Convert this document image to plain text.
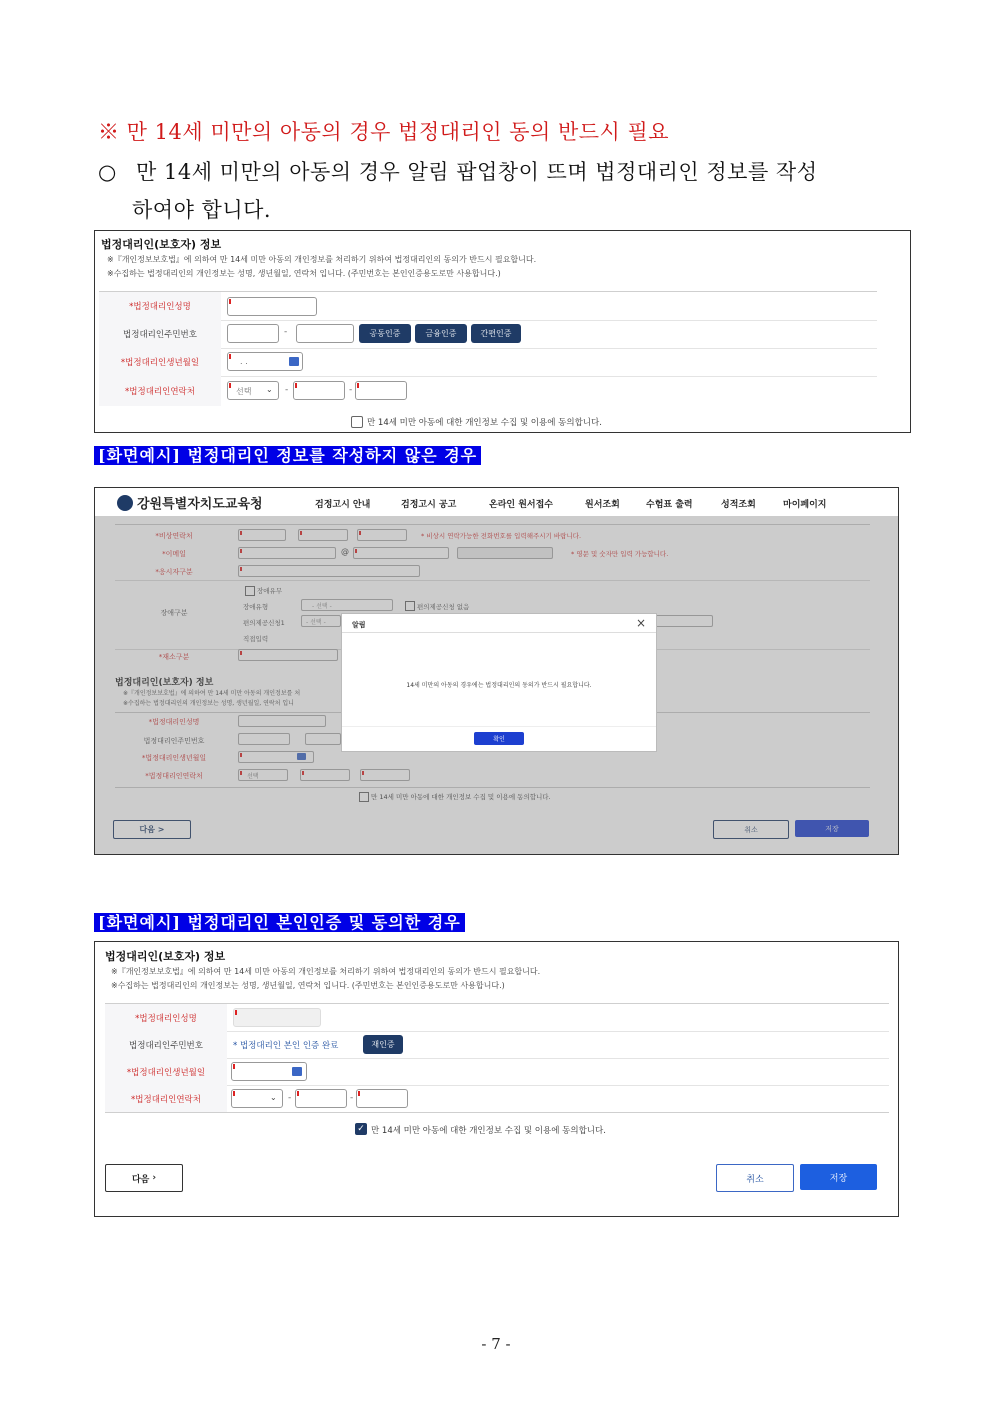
※ 만 14세 미만의 아동의 경우 법정대리인 동의 반드시 필요
○ 만 14세 미만의 아동의 경우 알림 팝업창이 뜨며 법정대리인 정보를 작성
하여야 합니다.
법정대리인(보호자) 정보
※『개인정보보호법』에 의하여 만 14세 미만 아동의 개인정보를 처리하기 위하여 법정대리인의 동의가 반드시 필요합니다.
※수집하는 법정대리인의 개인정보는 성명, 생년월일, 연락처 입니다. (주민번호는 본인인증용도로만 사용합니다.)
*법정대리인성명
법정대리인주민번호	-	공동인증	금융인증	간편인증
*법정대리인생년월일	. .
*법정대리인연락처	선택 ⌄ -	-
만 14세 미만 아동에 대한 개인정보 수집 및 이용에 동의합니다.
[화면예시] 법정대리인 정보를 작성하지 않은 경우
강원특별자치도교육청	검정고시 안내	검정고시 공고	온라인 원서접수	원서조회	수험표 출력	성적조회	마이페이지
*비상연락처	* 비상시 연락가능한 전화번호를 입력해주시기 바랍니다.
*이메일	@	* 영문 및 숫자만 입력 가능합니다.
*응시자구분
장애구분
장애유무
장애유형	- 선택 -	편의제공신청 없음
편의제공신청1	- 선택 -
직접입력
*재소구분
법정대리인(보호자) 정보
※『개인정보보호법』에 의하여 만 14세 미만 아동의 개인정보를 처
※수집하는 법정대리인의 개인정보는 성명, 생년월일, 연락처 입니
*법정대리인성명
법정대리인주민번호
*법정대리인생년월일
*법정대리인연락처	선택
만 14세 미만 아동에 대한 개인정보 수집 및 이용에 동의합니다.
다음 >	취소	저장
알림	×
14세 미만의 아동의 경우에는 법정대리인의 동의가 반드시 필요합니다.
확인
[화면예시] 법정대리인 본인인증 및 동의한 경우
법정대리인(보호자) 정보
※『개인정보보호법』에 의하여 만 14세 미만 아동의 개인정보를 처리하기 위하여 법정대리인의 동의가 반드시 필요합니다.
※수집하는 법정대리인의 개인정보는 성명, 생년월일, 연락처 입니다. (주민번호는 본인인증용도로만 사용합니다.)
*법정대리인성명
법정대리인주민번호	* 법정대리인 본인 인증 완료	재인증
*법정대리인생년월일
*법정대리인연락처	⌄ -	-
✓ 만 14세 미만 아동에 대한 개인정보 수집 및 이용에 동의합니다.
다음 ›	취소	저장
- 7 -
